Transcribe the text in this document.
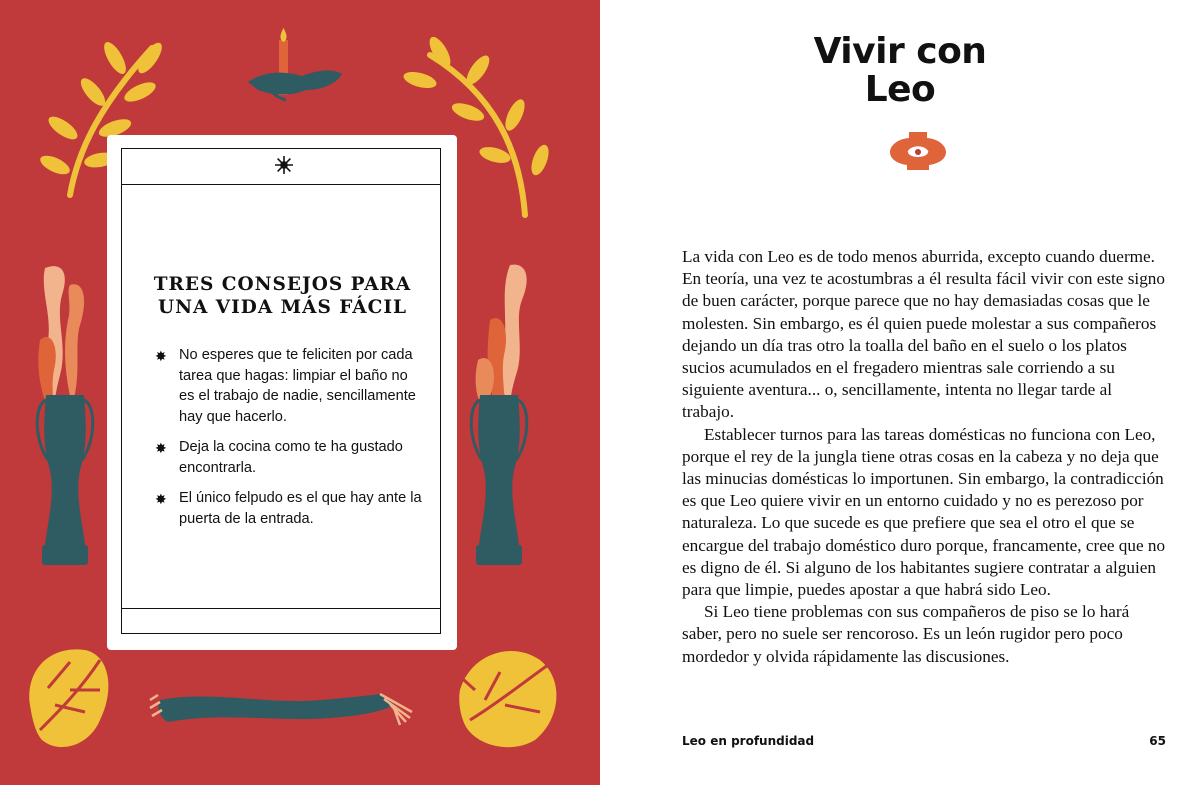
TRES CONSEJOS PARA
UNA VIDA MÁS FÁCIL
✸ No esperes que te feliciten por cada tarea que hagas: limpiar el baño no es el trabajo de nadie, sencillamente hay que hacerlo.
✸ Deja la cocina como te ha gustado encontrarla.
✸ El único felpudo es el que hay ante la puerta de la entrada.
Vivir con
Leo

La vida con Leo es de todo menos aburrida, excepto cuando duerme. En teoría, una vez te acostumbras a él resulta fácil vivir con este signo de buen carácter, porque parece que no hay demasiadas cosas que le molesten. Sin embargo, es él quien puede molestar a sus compañeros dejando un día tras otro la toalla del baño en el suelo o los platos sucios acumulados en el fregadero mientras sale corriendo a su siguiente aventura... o, sencillamente, intenta no llegar tarde al trabajo.

Establecer turnos para las tareas domésticas no funciona con Leo, porque el rey de la jungla tiene otras cosas en la cabeza y no deja que las minucias domésticas lo importunen. Sin embargo, la contradicción es que Leo quiere vivir en un entorno cuidado y no es perezoso por naturaleza. Lo que sucede es que prefiere que sea el otro el que se encargue del trabajo doméstico duro porque, francamente, cree que no es digno de él. Si alguno de los habitantes sugiere contratar a alguien para que limpie, puedes apostar a que habrá sido Leo.

Si Leo tiene problemas con sus compañeros de piso se lo hará saber, pero no suele ser rencoroso. Es un león rugidor pero poco mordedor y olvida rápidamente las discusiones.

Leo en profundidad	65
